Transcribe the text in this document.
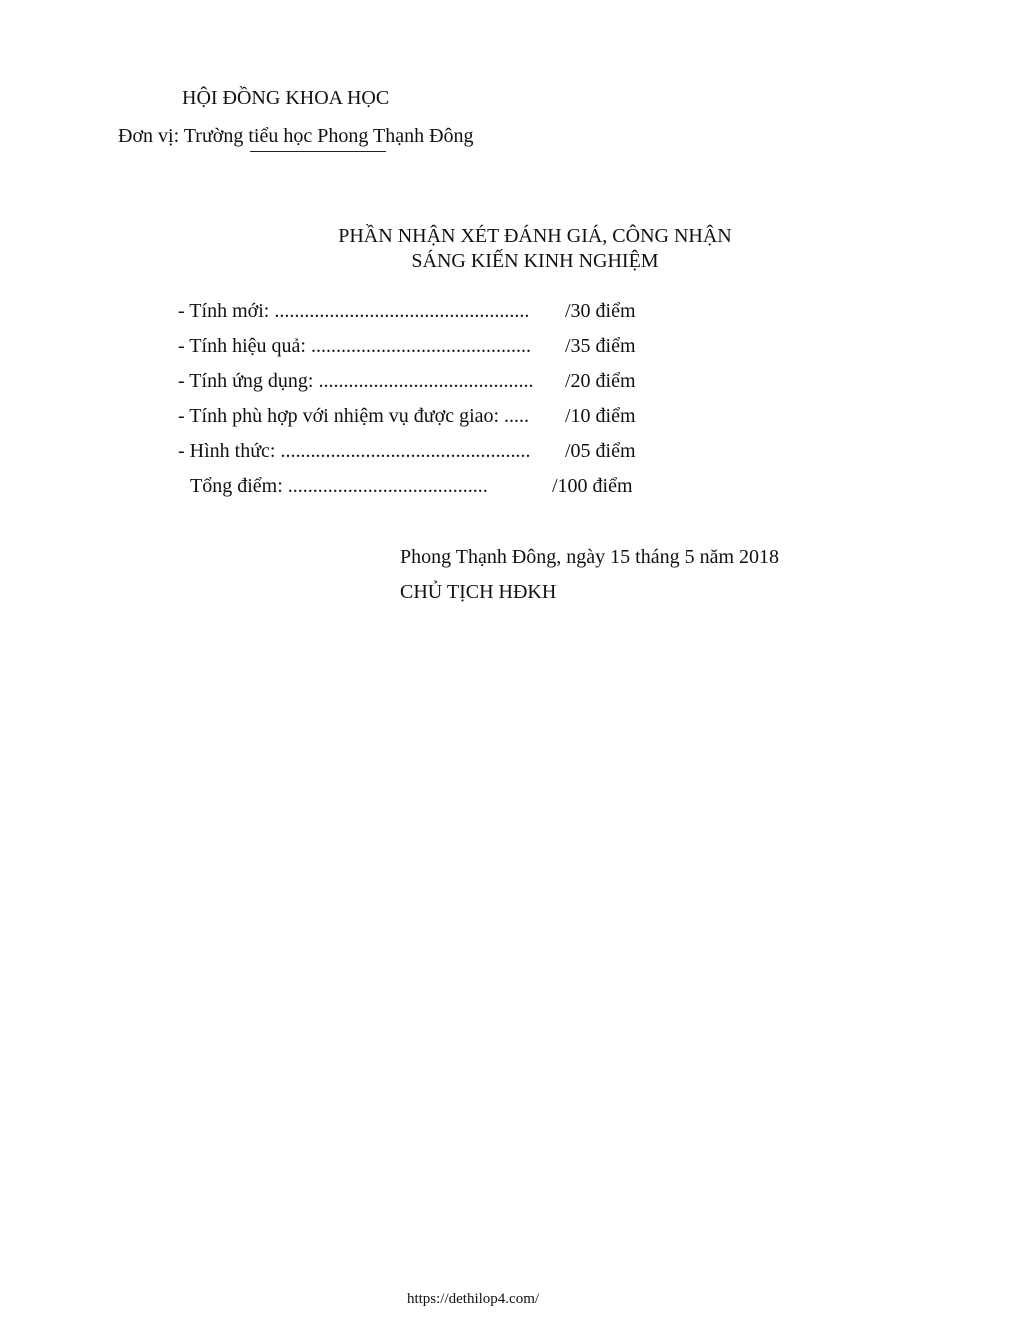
HỘI ĐỒNG KHOA HỌC
Đơn vị: Trường tiểu học Phong Thạnh Đông
PHẦN NHẬN XÉT ĐÁNH GIÁ, CÔNG NHẬN
SÁNG KIẾN KINH NGHIỆM
- Tính mới: ................................................... /30 điểm
- Tính hiệu quả: ............................................ /35 điểm
- Tính ứng dụng: ........................................... /20 điểm
- Tính phù hợp với nhiệm vụ được giao: ..... /10 điểm
- Hình thức: .................................................. /05 điểm
Tổng điểm: ........................................	/100 điểm
Phong Thạnh Đông, ngày 15 tháng 5 năm 2018
CHỦ TỊCH HĐKH
https://dethilop4.com/
